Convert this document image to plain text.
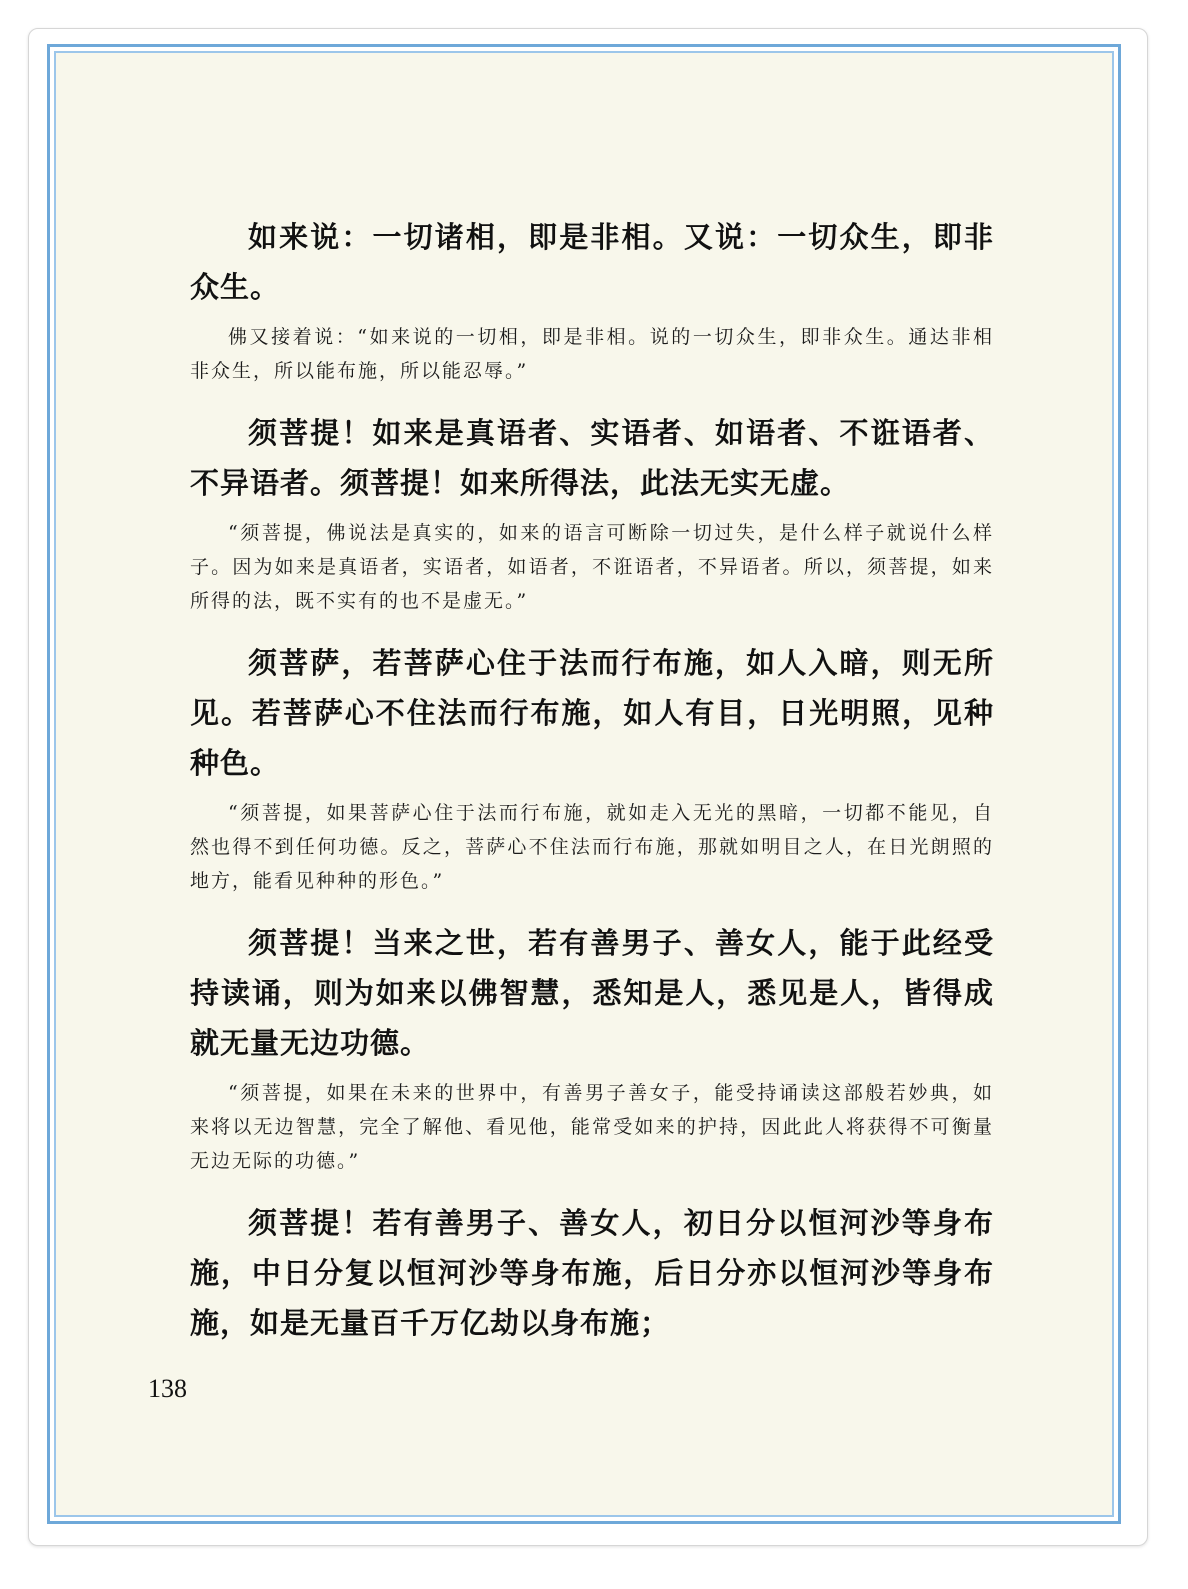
如来说：一切诸相，即是非相。又说：一切众生，即非众生。

佛又接着说：“如来说的一切相，即是非相。说的一切众生，即非众生。通达非相非众生，所以能布施，所以能忍辱。”

须菩提！如来是真语者、实语者、如语者、不诳语者、不异语者。须菩提！如来所得法，此法无实无虚。

“须菩提，佛说法是真实的，如来的语言可断除一切过失，是什么样子就说什么样子。因为如来是真语者，实语者，如语者，不诳语者，不异语者。所以，须菩提，如来所得的法，既不实有的也不是虚无。”

须菩萨，若菩萨心住于法而行布施，如人入暗，则无所见。若菩萨心不住法而行布施，如人有目，日光明照，见种种色。

“须菩提，如果菩萨心住于法而行布施，就如走入无光的黑暗，一切都不能见，自然也得不到任何功德。反之，菩萨心不住法而行布施，那就如明目之人，在日光朗照的地方，能看见种种的形色。”

须菩提！当来之世，若有善男子、善女人，能于此经受持读诵，则为如来以佛智慧，悉知是人，悉见是人，皆得成就无量无边功德。

“须菩提，如果在未来的世界中，有善男子善女子，能受持诵读这部般若妙典，如来将以无边智慧，完全了解他、看见他，能常受如来的护持，因此此人将获得不可衡量无边无际的功德。”

须菩提！若有善男子、善女人，初日分以恒河沙等身布施，中日分复以恒河沙等身布施，后日分亦以恒河沙等身布施，如是无量百千万亿劫以身布施；

138
